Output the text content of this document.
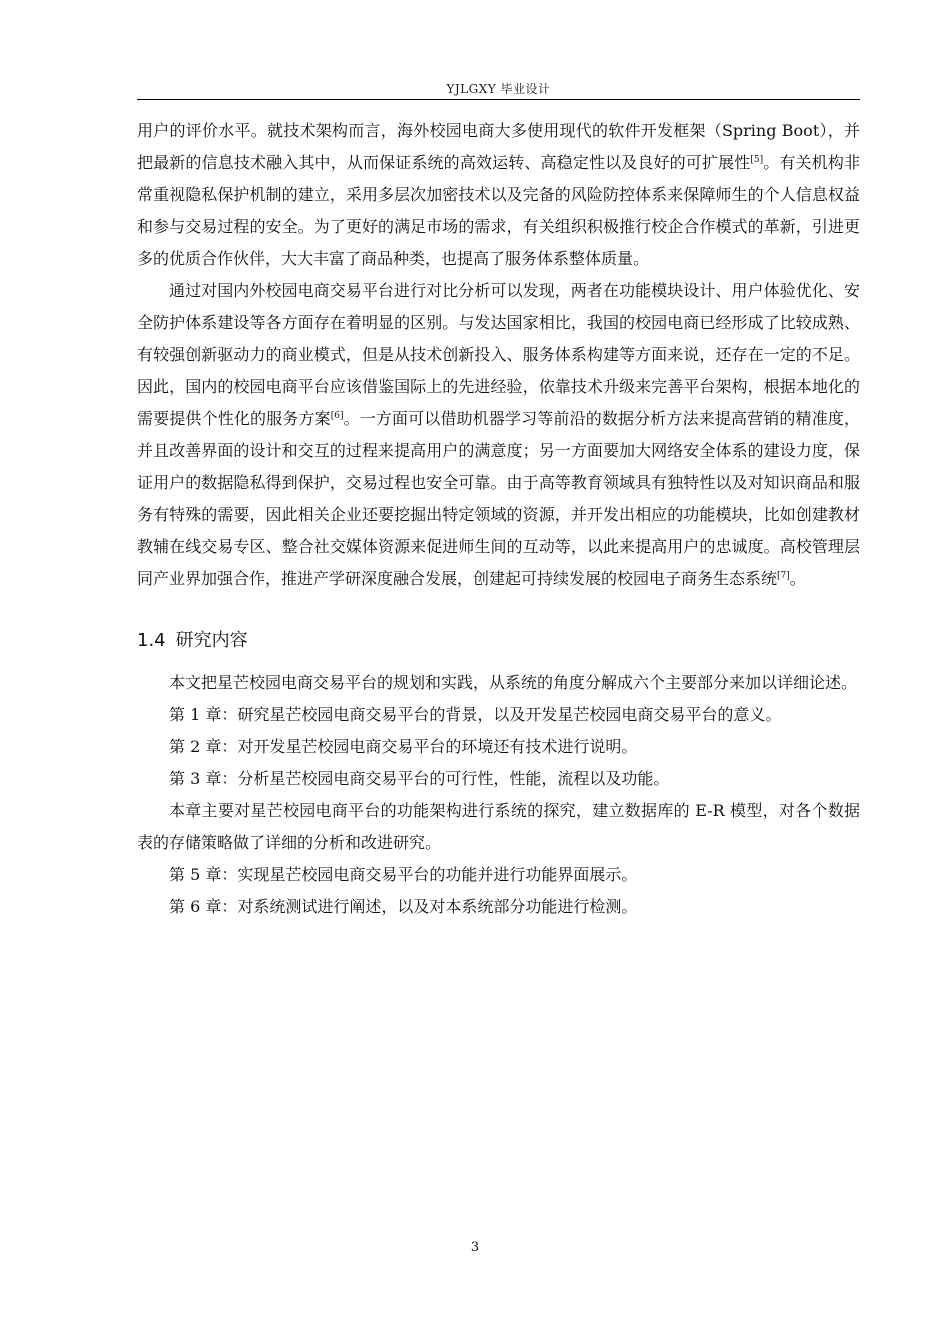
YJLGXY 毕业设计

用户的评价水平。就技术架构而言，海外校园电商大多使用现代的软件开发框架（Spring Boot），并把最新的信息技术融入其中，从而保证系统的高效运转、高稳定性以及良好的可扩展性[5]。有关机构非常重视隐私保护机制的建立，采用多层次加密技术以及完备的风险防控体系来保障师生的个人信息权益和参与交易过程的安全。为了更好的满足市场的需求，有关组织积极推行校企合作模式的革新，引进更多的优质合作伙伴，大大丰富了商品种类，也提高了服务体系整体质量。

通过对国内外校园电商交易平台进行对比分析可以发现，两者在功能模块设计、用户体验优化、安全防护体系建设等各方面存在着明显的区别。与发达国家相比，我国的校园电商已经形成了比较成熟、有较强创新驱动力的商业模式，但是从技术创新投入、服务体系构建等方面来说，还存在一定的不足。因此，国内的校园电商平台应该借鉴国际上的先进经验，依靠技术升级来完善平台架构，根据本地化的需要提供个性化的服务方案[6]。一方面可以借助机器学习等前沿的数据分析方法来提高营销的精准度，并且改善界面的设计和交互的过程来提高用户的满意度；另一方面要加大网络安全体系的建设力度，保证用户的数据隐私得到保护，交易过程也安全可靠。由于高等教育领域具有独特性以及对知识商品和服务有特殊的需要，因此相关企业还要挖掘出特定领域的资源，并开发出相应的功能模块，比如创建教材教辅在线交易专区、整合社交媒体资源来促进师生间的互动等，以此来提高用户的忠诚度。高校管理层同产业界加强合作，推进产学研深度融合发展，创建起可持续发展的校园电子商务生态系统[7]。

1.4 研究内容

本文把星芒校园电商交易平台的规划和实践，从系统的角度分解成六个主要部分来加以详细论述。

第 1 章：研究星芒校园电商交易平台的背景，以及开发星芒校园电商交易平台的意义。

第 2 章：对开发星芒校园电商交易平台的环境还有技术进行说明。

第 3 章：分析星芒校园电商交易平台的可行性，性能，流程以及功能。

本章主要对星芒校园电商平台的功能架构进行系统的探究，建立数据库的 E-R 模型，对各个数据表的存储策略做了详细的分析和改进研究。

第 5 章：实现星芒校园电商交易平台的功能并进行功能界面展示。

第 6 章：对系统测试进行阐述，以及对本系统部分功能进行检测。

3
